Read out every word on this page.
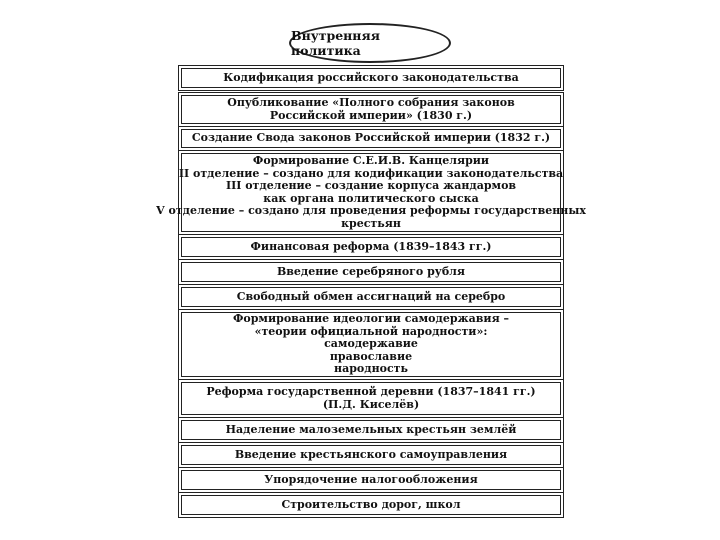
Внутренняя политика
Кодификация российского законодательства
Опубликование «Полного собрания законов
Российской империи» (1830 г.)
Создание Свода законов Российской империи (1832 г.)
Формирование С.Е.И.В. Канцелярии
II отделение – создано для кодификации законодательства
III отделение – создание корпуса жандармов
как органа политического сыска
V отделение – создано для проведения реформы государственных
крестьян
Финансовая реформа (1839–1843 гг.)
Введение серебряного рубля
Свободный обмен ассигнаций на серебро
Формирование идеологии самодержавия –
«теории официальной народности»:
самодержавие
православие
народность
Реформа государственной деревни (1837–1841 гг.)
(П.Д. Киселёв)
Наделение малоземельных крестьян землёй
Введение крестьянского самоуправления
Упорядочение налогообложения
Строительство дорог, школ
